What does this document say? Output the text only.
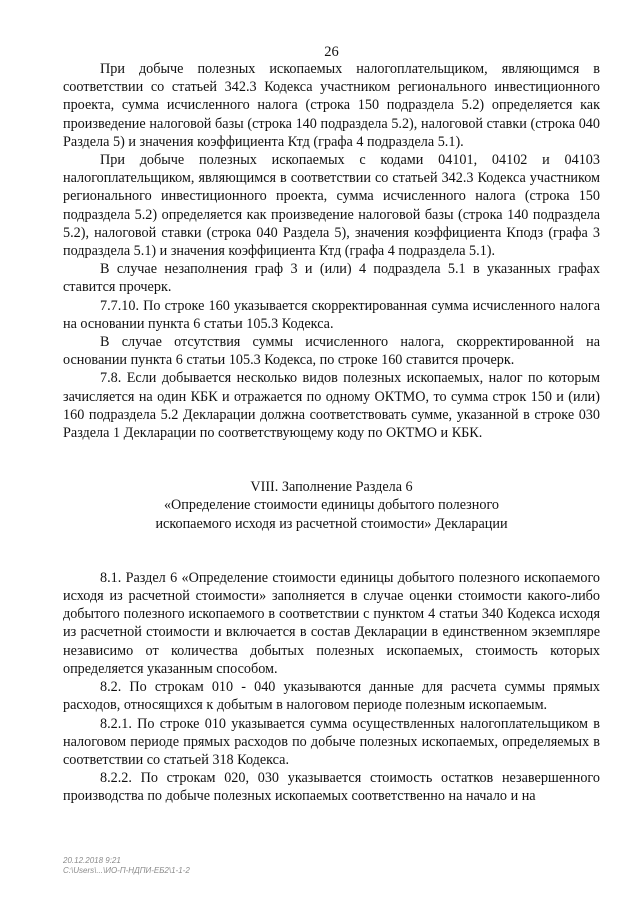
26

При добыче полезных ископаемых налогоплательщиком, являющимся в соответствии со статьей 342.3 Кодекса участником регионального инвестиционного проекта, сумма исчисленного налога (строка 150 подраздела 5.2) определяется как произведение налоговой базы (строка 140 подраздела 5.2), налоговой ставки (строка 040 Раздела 5) и значения коэффициента Ктд (графа 4 подраздела 5.1).

При добыче полезных ископаемых с кодами 04101, 04102 и 04103 налогоплательщиком, являющимся в соответствии со статьей 342.3 Кодекса участником регионального инвестиционного проекта, сумма исчисленного налога (строка 150 подраздела 5.2) определяется как произведение налоговой базы (строка 140 подраздела 5.2), налоговой ставки (строка 040 Раздела 5), значения коэффициента Кподз (графа 3 подраздела 5.1) и значения коэффициента Ктд (графа 4 подраздела 5.1).

В случае незаполнения граф 3 и (или) 4 подраздела 5.1 в указанных графах ставится прочерк.

7.7.10. По строке 160 указывается скорректированная сумма исчисленного налога на основании пункта 6 статьи 105.3 Кодекса.

В случае отсутствия суммы исчисленного налога, скорректированной на основании пункта 6 статьи 105.3 Кодекса, по строке 160 ставится прочерк.

7.8. Если добывается несколько видов полезных ископаемых, налог по которым зачисляется на один КБК и отражается по одному ОКТМО, то сумма строк 150 и (или) 160 подраздела 5.2 Декларации должна соответствовать сумме, указанной в строке 030 Раздела 1 Декларации по соответствующему коду по ОКТМО и КБК.

VIII. Заполнение Раздела 6
«Определение стоимости единицы добытого полезного
ископаемого исходя из расчетной стоимости» Декларации

8.1. Раздел 6 «Определение стоимости единицы добытого полезного ископаемого исходя из расчетной стоимости» заполняется в случае оценки стоимости какого-либо добытого полезного ископаемого в соответствии с пунктом 4 статьи 340 Кодекса исходя из расчетной стоимости и включается в состав Декларации в единственном экземпляре независимо от количества добытых полезных ископаемых, стоимость которых определяется указанным способом.

8.2. По строкам 010 - 040 указываются данные для расчета суммы прямых расходов, относящихся к добытым в налоговом периоде полезным ископаемым.

8.2.1. По строке 010 указывается сумма осуществленных налогоплательщиком в налоговом периоде прямых расходов по добыче полезных ископаемых, определяемых в соответствии со статьей 318 Кодекса.

8.2.2. По строкам 020, 030 указывается стоимость остатков незавершенного производства по добыче полезных ископаемых соответственно на начало и на

20.12.2018 9:21
С:\Users\...\ИО-П-НДПИ-ЕБ2\1-1-2
